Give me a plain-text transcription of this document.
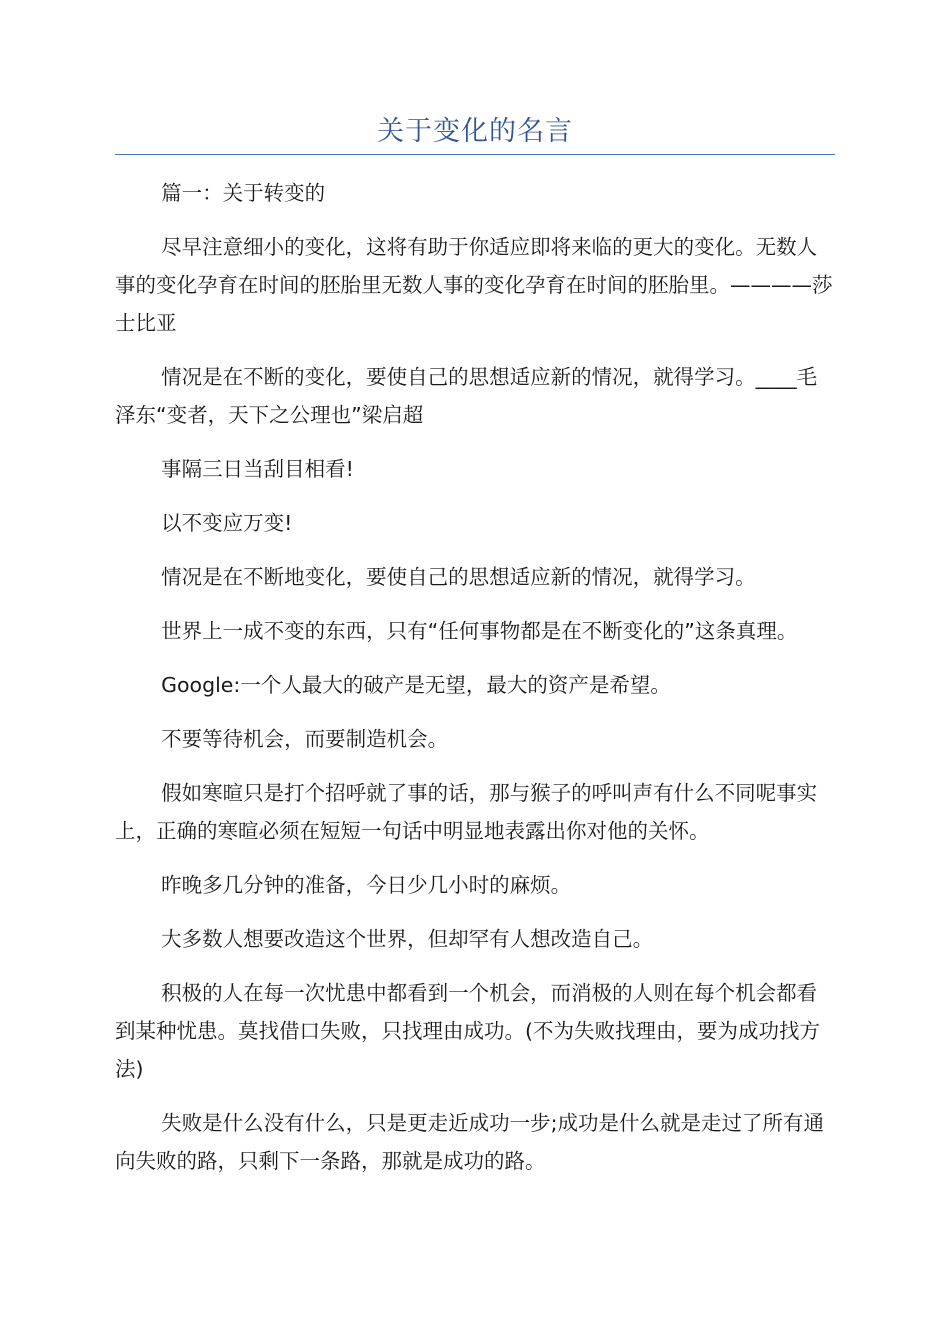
关于变化的名言

篇一：关于转变的

尽早注意细小的变化，这将有助于你适应即将来临的更大的变化。无数人事的变化孕育在时间的胚胎里无数人事的变化孕育在时间的胚胎里。————莎士比亚

情况是在不断的变化，要使自己的思想适应新的情况，就得学习。____毛泽东“变者，天下之公理也”梁启超

事隔三日当刮目相看!

以不变应万变!

情况是在不断地变化，要使自己的思想适应新的情况，就得学习。

世界上一成不变的东西，只有“任何事物都是在不断变化的”这条真理。

Google:一个人最大的破产是无望，最大的资产是希望。

不要等待机会，而要制造机会。

假如寒暄只是打个招呼就了事的话，那与猴子的呼叫声有什么不同呢事实上，正确的寒暄必须在短短一句话中明显地表露出你对他的关怀。

昨晚多几分钟的准备，今日少几小时的麻烦。

大多数人想要改造这个世界，但却罕有人想改造自己。

积极的人在每一次忧患中都看到一个机会，而消极的人则在每个机会都看到某种忧患。莫找借口失败，只找理由成功。(不为失败找理由，要为成功找方法)

失败是什么没有什么，只是更走近成功一步;成功是什么就是走过了所有通向失败的路，只剩下一条路，那就是成功的路。
